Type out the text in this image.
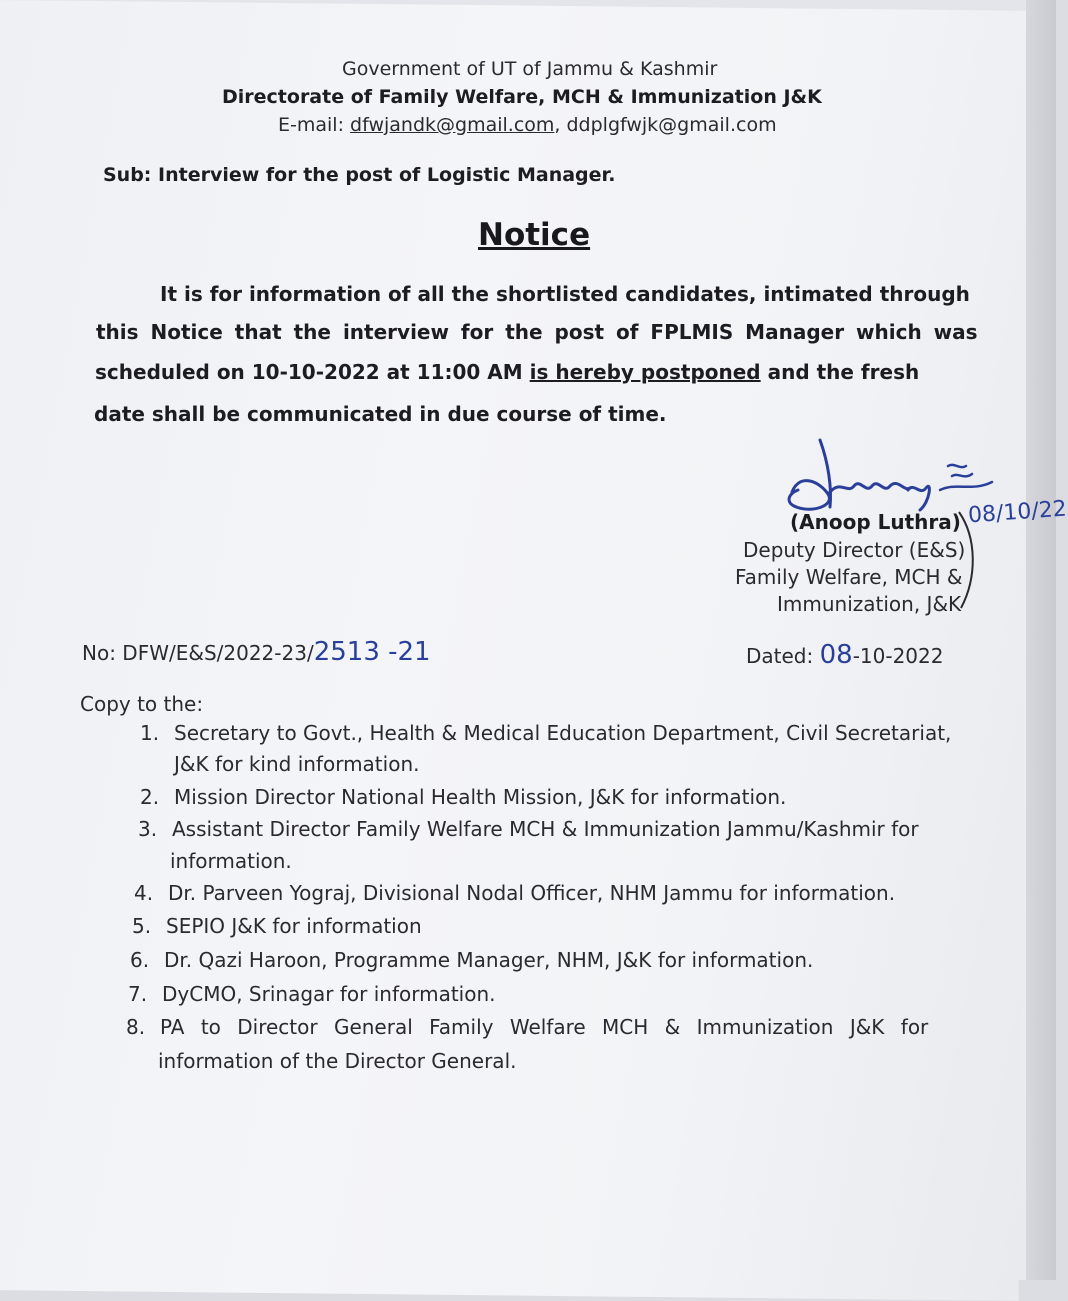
Government of UT of Jammu & Kashmir
Directorate of Family Welfare, MCH & Immunization J&K
E-mail: dfwjandk@gmail.com, ddplgfwjk@gmail.com
Sub: Interview for the post of Logistic Manager.
Notice
It is for information of all the shortlisted candidates, intimated through
this Notice that the interview for the post of FPLMIS Manager which was
scheduled on 10-10-2022 at 11:00 AM is hereby postponed and the fresh
date shall be communicated in due course of time.
(Anoop Luthra) 08/10/22
Deputy Director (E&S)
Family Welfare, MCH &
Immunization, J&K
No: DFW/E&S/2022-23/2513 -21	Dated: 08-10-2022
Copy to the:
1. Secretary to Govt., Health & Medical Education Department, Civil Secretariat,
J&K for kind information.
2. Mission Director National Health Mission, J&K for information.
3. Assistant Director Family Welfare MCH & Immunization Jammu/Kashmir for
information.
4. Dr. Parveen Yograj, Divisional Nodal Officer, NHM Jammu for information.
5. SEPIO J&K for information
6. Dr. Qazi Haroon, Programme Manager, NHM, J&K for information.
7. DyCMO, Srinagar for information.
8. PA to Director General Family Welfare MCH & Immunization J&K for
information of the Director General.
